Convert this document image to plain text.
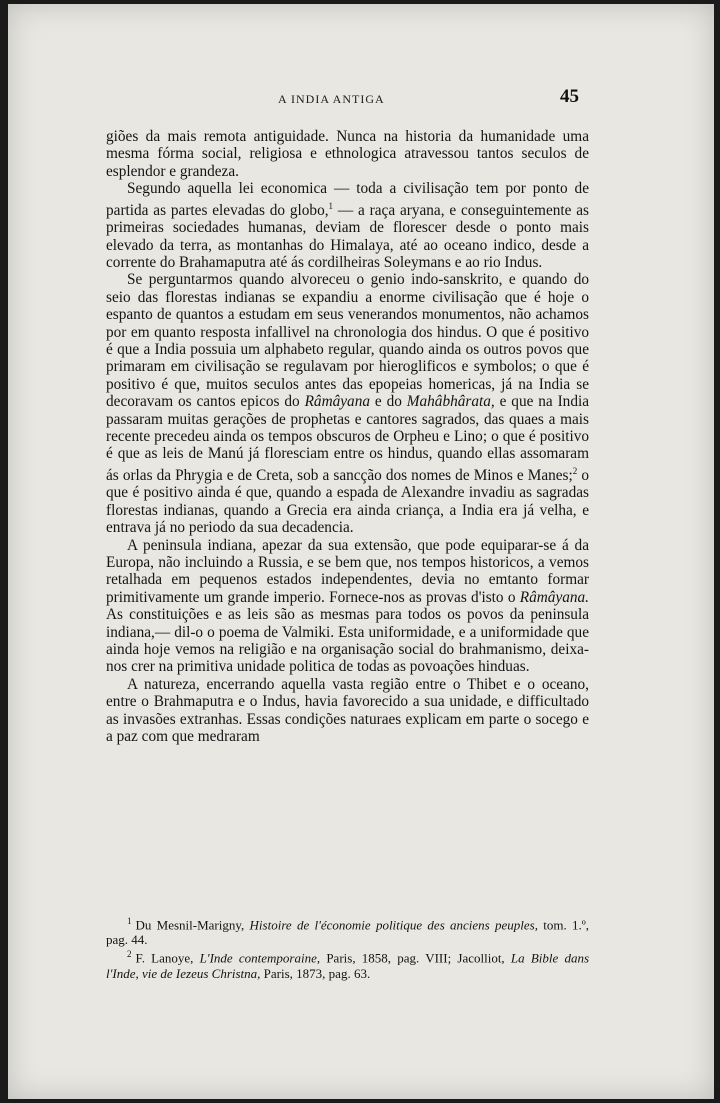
A INDIA ANTIGA	45

giões da mais remota antiguidade. Nunca na historia da humanidade uma mesma fórma social, religiosa e ethnologica atravessou tantos seculos de esplendor e grandeza.

Segundo aquella lei economica — toda a civilisação tem por ponto de partida as partes elevadas do globo,$^1$ — a raça aryana, e conseguintemente as primeiras sociedades humanas, deviam de florescer desde o ponto mais elevado da terra, as montanhas do Himalaya, até ao oceano indico, desde a corrente do Brahamaputra até ás cordilheiras Soleymans e ao rio Indus.

Se perguntarmos quando alvoreceu o genio indo-sanskrito, e quando do seio das florestas indianas se expandiu a enorme civilisação que é hoje o espanto de quantos a estudam em seus venerandos monumentos, não achamos por em quanto resposta infallivel na chronologia dos hindus. O que é positivo é que a India possuia um alphabeto regular, quando ainda os outros povos que primaram em civilisação se regulavam por hieroglificos e symbolos; o que é positivo é que, muitos seculos antes das epopeias homericas, já na India se decoravam os cantos epicos do Râmâyana e do Mahâbhârata, e que na India passaram muitas gerações de prophetas e cantores sagrados, das quaes a mais recente precedeu ainda os tempos obscuros de Orpheu e Lino; o que é positivo é que as leis de Manú já floresciam entre os hindus, quando ellas assomaram ás orlas da Phrygia e de Creta, sob a sancção dos nomes de Minos e Manes;$^2$ o que é positivo ainda é que, quando a espada de Alexandre invadiu as sagradas florestas indianas, quando a Grecia era ainda criança, a India era já velha, e entrava já no periodo da sua decadencia.

A peninsula indiana, apezar da sua extensão, que pode equiparar-se á da Europa, não incluindo a Russia, e se bem que, nos tempos historicos, a vemos retalhada em pequenos estados independentes, devia no emtanto formar primitivamente um grande imperio. Fornece-nos as provas d'isto o Râmâyana. As constituições e as leis são as mesmas para todos os povos da peninsula indiana,— dil-o o poema de Valmiki. Esta uniformidade, e a uniformidade que ainda hoje vemos na religião e na organisação social do brahmanismo, deixa-nos crer na primitiva unidade politica de todas as povoações hinduas.

A natureza, encerrando aquella vasta região entre o Thibet e o oceano, entre o Brahmaputra e o Indus, havia favorecido a sua unidade, e difficultado as invasões extranhas. Essas condições naturaes explicam em parte o socego e a paz com que medraram

$^1$ Du Mesnil-Marigny, Histoire de l'économie politique des anciens peuples, tom. 1.º, pag. 44.

$^2$ F. Lanoye, L'Inde contemporaine, Paris, 1858, pag. VIII; Jacolliot, La Bible dans l'Inde, vie de Iezeus Christna, Paris, 1873, pag. 63.
